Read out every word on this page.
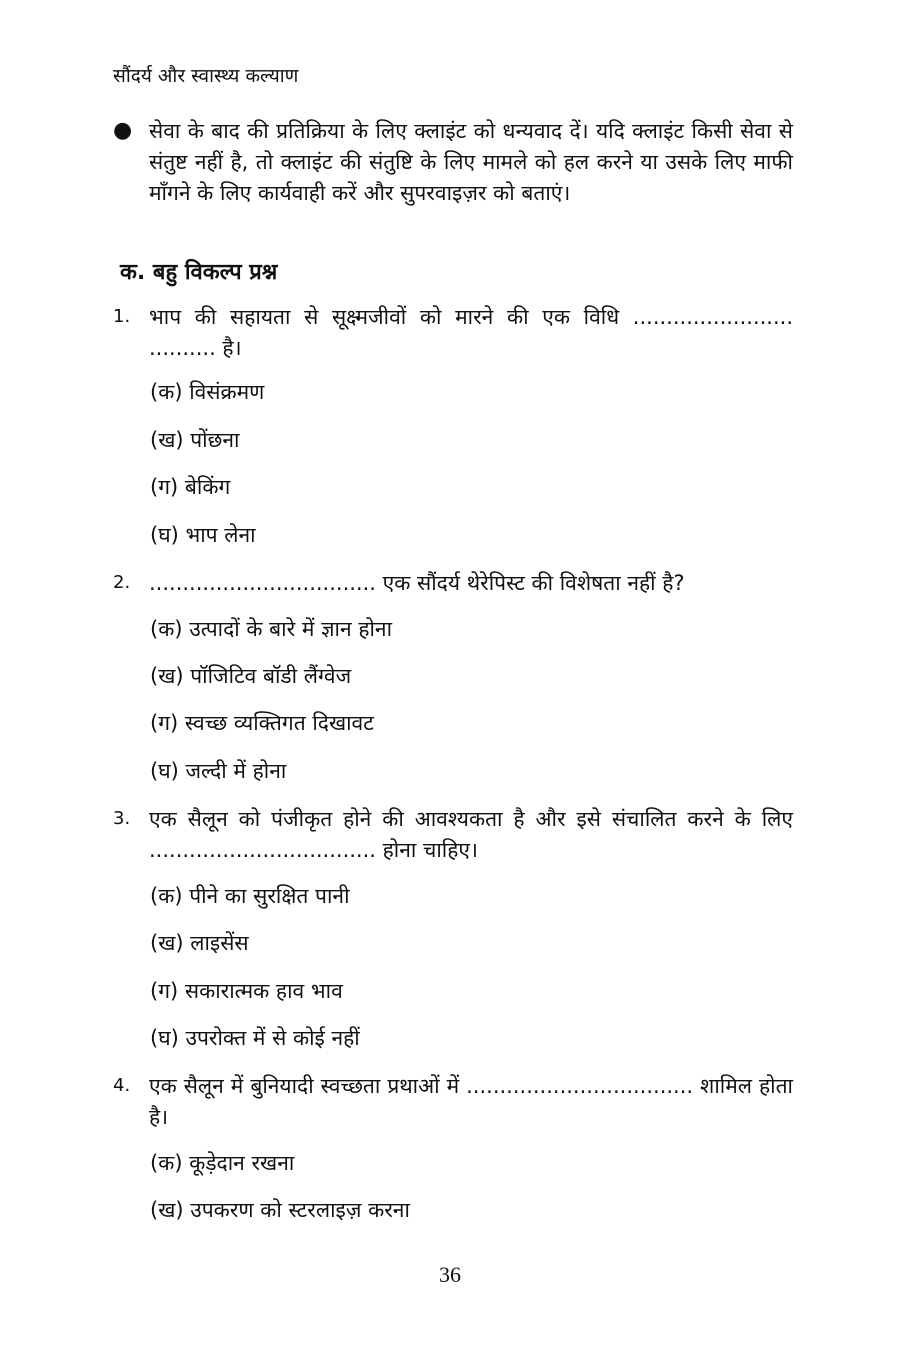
सौंदर्य और स्वास्थ्य कल्याण
● सेवा के बाद की प्रतिक्रिया के लिए क्लाइंट को धन्यवाद दें। यदि क्लाइंट किसी सेवा से संतुष्ट नहीं है, तो क्लाइंट की संतुष्टि के लिए मामले को हल करने या उसके लिए माफी माँगने के लिए कार्यवाही करें और सुपरवाइज़र को बताएं।
क. बहु विकल्प प्रश्न
1. भाप की सहायता से सूक्ष्मजीवों को मारने की एक विधि ........................ .......... है।
(क) विसंक्रमण
(ख) पोंछना
(ग) बेकिंग
(घ) भाप लेना
2. .................................. एक सौंदर्य थेरेपिस्ट की विशेषता नहीं है?
(क) उत्पादों के बारे में ज्ञान होना
(ख) पॉजिटिव बॉडी लैंग्वेज
(ग) स्वच्छ व्यक्तिगत दिखावट
(घ) जल्दी में होना
3. एक सैलून को पंजीकृत होने की आवश्यकता है और इसे संचालित करने के लिए .................................. होना चाहिए।
(क) पीने का सुरक्षित पानी
(ख) लाइसेंस
(ग) सकारात्मक हाव भाव
(घ) उपरोक्त में से कोई नहीं
4. एक सैलून में बुनियादी स्वच्छता प्रथाओं में .................................. शामिल होता है।
(क) कूड़ेदान रखना
(ख) उपकरण को स्टरलाइज़ करना
36
